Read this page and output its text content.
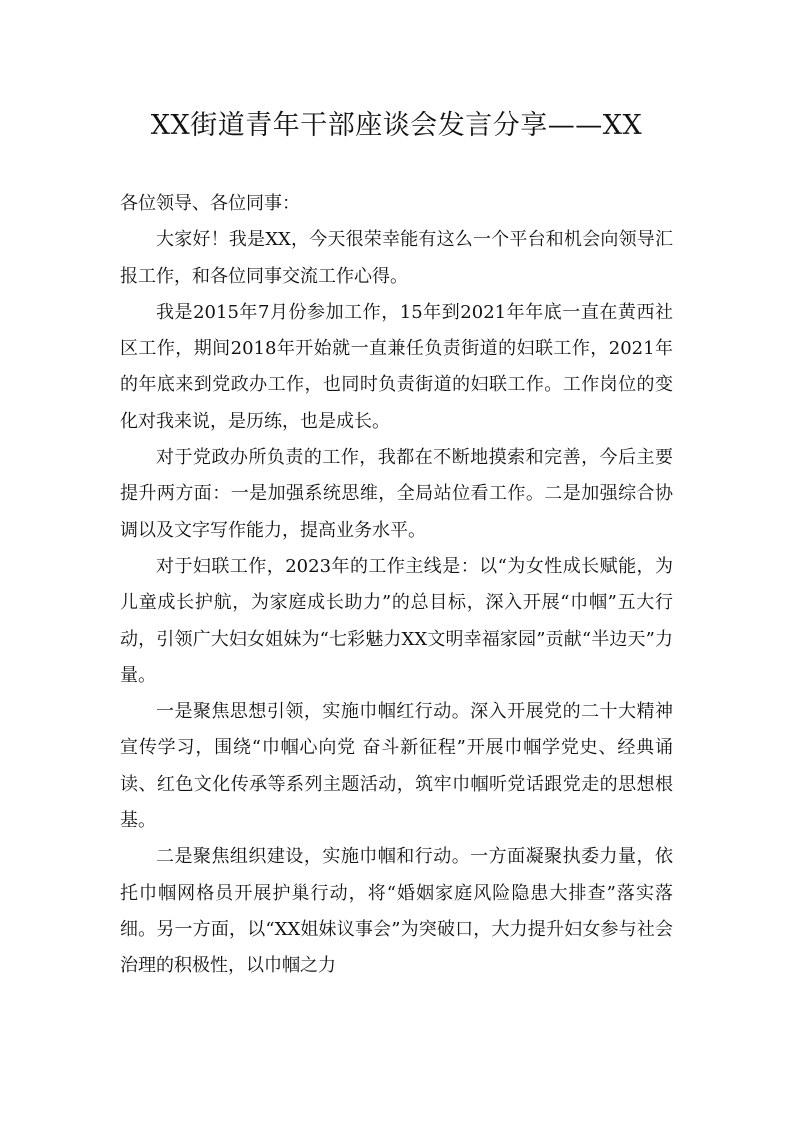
XX街道青年干部座谈会发言分享——XX

各位领导、各位同事：

大家好！我是XX，今天很荣幸能有这么一个平台和机会向领导汇报工作，和各位同事交流工作心得。

我是2015年7月份参加工作，15年到2021年年底一直在黄西社区工作，期间2018年开始就一直兼任负责街道的妇联工作，2021年的年底来到党政办工作，也同时负责街道的妇联工作。工作岗位的变化对我来说，是历练，也是成长。

对于党政办所负责的工作，我都在不断地摸索和完善，今后主要提升两方面：一是加强系统思维，全局站位看工作。二是加强综合协调以及文字写作能力，提高业务水平。

对于妇联工作，2023年的工作主线是：以“为女性成长赋能，为儿童成长护航，为家庭成长助力”的总目标，深入开展“巾帼”五大行动，引领广大妇女姐妹为“七彩魅力XX文明幸福家园”贡献“半边天”力量。

一是聚焦思想引领，实施巾帼红行动。深入开展党的二十大精神宣传学习，围绕“巾帼心向党 奋斗新征程”开展巾帼学党史、经典诵读、红色文化传承等系列主题活动，筑牢巾帼听党话跟党走的思想根基。

二是聚焦组织建设，实施巾帼和行动。一方面凝聚执委力量，依托巾帼网格员开展护巢行动，将“婚姻家庭风险隐患大排查”落实落细。另一方面，以“XX姐妹议事会”为突破口，大力提升妇女参与社会治理的积极性，以巾帼之力
